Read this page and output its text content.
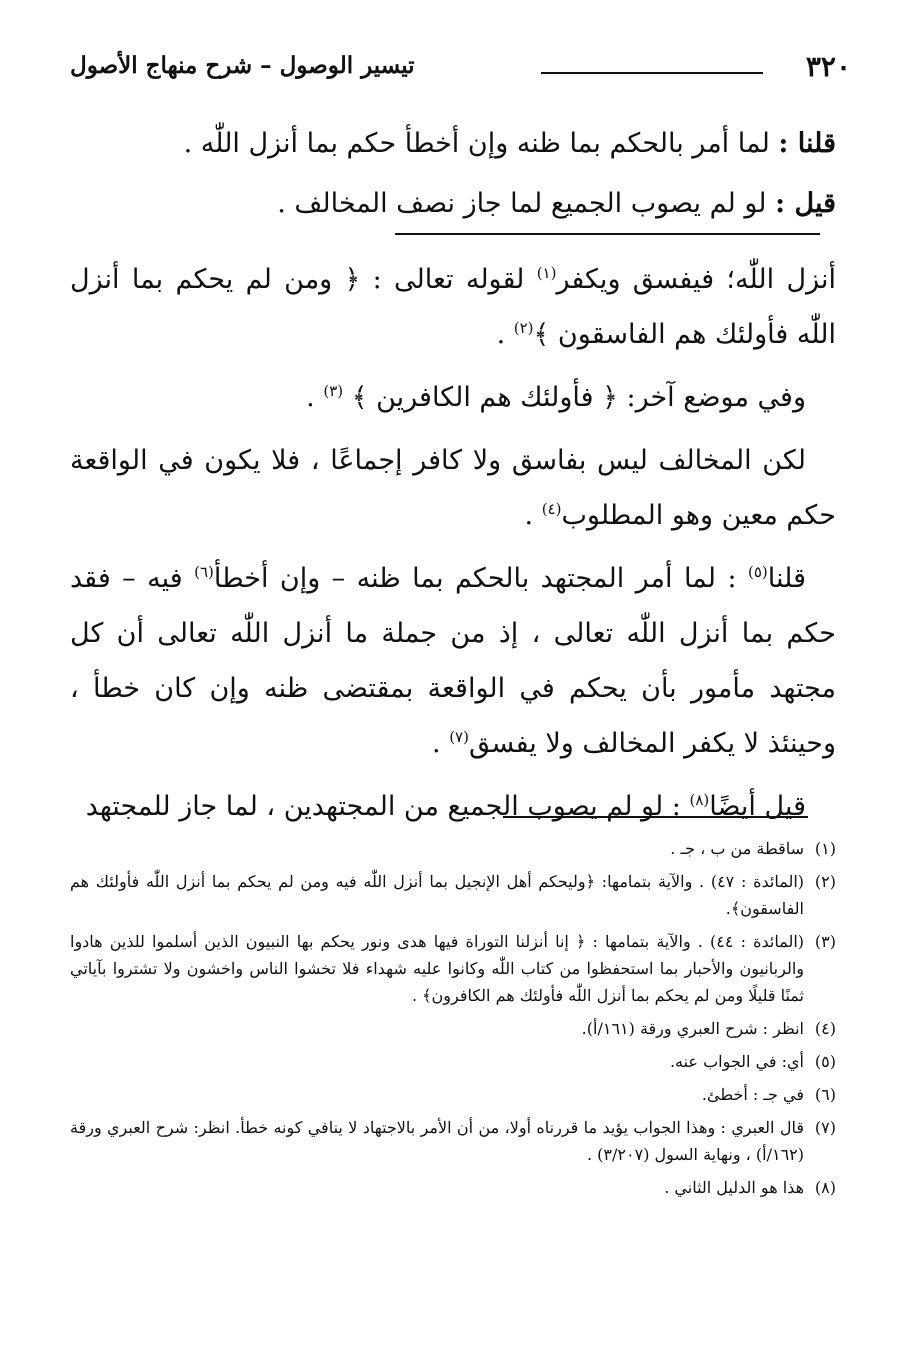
٣٢٠
تيسير الوصول – شرح منهاج الأصول
قلنا : لما أمر بالحكم بما ظنه وإن أخطأ حكم بما أنزل اللّٰه .
قيل : لو لم يصوب الجميع لما جاز نصف المخالف .

أنزل اللّٰه؛ فيفسق ويكفر$^{(١)}$ لقوله تعالى : ﴿ ومن لم يحكم بما أنزل اللّٰه فأولئك هم الفاسقون ﴾$^{(٢)}$ .

وفي موضع آخر: ﴿ فأولئك هم الكافرين ﴾ $^{(٣)}$ .

لكن المخالف ليس بفاسق ولا كافر إجماعًا ، فلا يكون في الواقعة حكم معين وهو المطلوب$^{(٤)}$ .

قلنا$^{(٥)}$ : لما أمر المجتهد بالحكم بما ظنه – وإن أخطأ$^{(٦)}$ فيه – فقد حكم بما أنزل اللّٰه تعالى ، إذ من جملة ما أنزل اللّٰه تعالى أن كل مجتهد مأمور بأن يحكم في الواقعة بمقتضى ظنه وإن كان خطأ ، وحينئذ لا يكفر المخالف ولا يفسق$^{(٧)}$ .

قيل أيضًا$^{(٨)}$ : لو لم يصوب الجميع من المجتهدين ، لما جاز للمجتهد

(١)
ساقطة من ب ، جـ .
(٢)
(المائدة : ٤٧) . والآية بتمامها: ﴿وليحكم أهل الإنجيل بما أنزل اللّٰه فيه ومن لم يحكم بما أنزل اللّٰه فأولئك هم الفاسقون﴾.
(٣)
(المائدة : ٤٤) . والآية بتمامها : ﴿ إنا أنزلنا التوراة فيها هدى ونور يحكم بها النبيون الذين أسلموا للذين هادوا والربانيون والأحبار بما استحفظوا من كتاب اللّٰه وكانوا عليه شهداء فلا تخشوا الناس واخشون ولا تشتروا بآياتي ثمنًا قليلًا ومن لم يحكم بما أنزل اللّٰه فأولئك هم الكافرون﴾ .
(٤)
انظر : شرح العبري ورقة (١٦١/أ).
(٥)
أي: في الجواب عنه.
(٦)
في جـ : أخطئ.
(٧)
قال العبري : وهذا الجواب يؤيد ما قررناه أولا، من أن الأمر بالاجتهاد لا ينافي كونه خطأ. انظر: شرح العبري ورقة (١٦٢/أ) ، ونهاية السول (٣/٢٠٧) .
(٨)
هذا هو الدليل الثاني .
